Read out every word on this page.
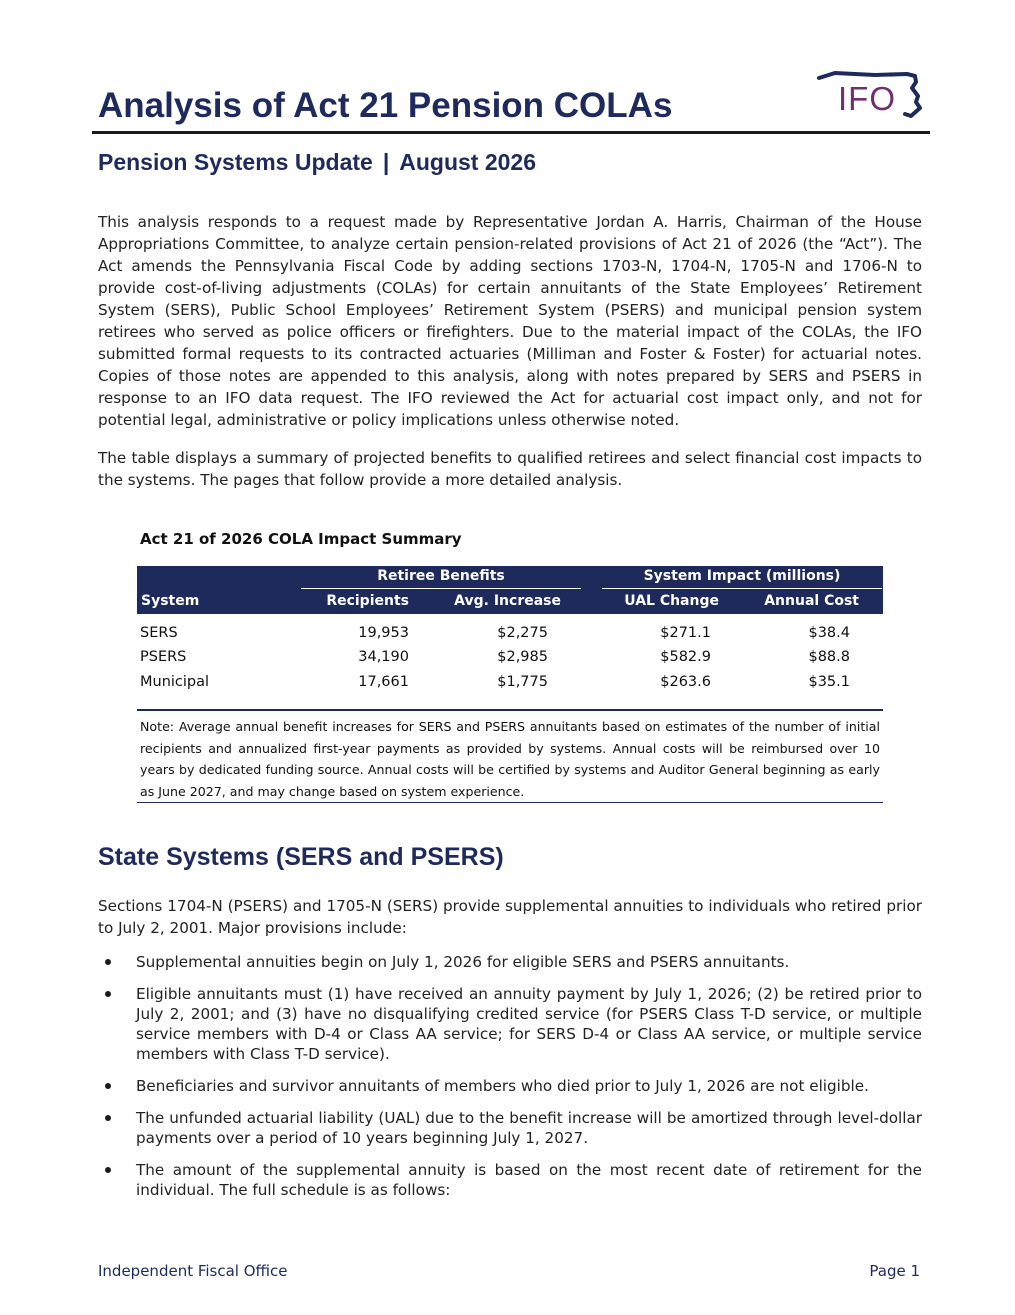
Analysis of Act 21 Pension COLAs	IFO
Pension Systems Update | August 2026

This analysis responds to a request made by Representative Jordan A. Harris, Chairman of the House Appropriations Committee, to analyze certain pension-related provisions of Act 21 of 2026 (the “Act”). The Act amends the Pennsylvania Fiscal Code by adding sections 1703-N, 1704-N, 1705-N and 1706-N to provide cost-of-living adjustments (COLAs) for certain annuitants of the State Employees’ Retirement System (SERS), Public School Employees’ Retirement System (PSERS) and municipal pension system retirees who served as police officers or firefighters. Due to the material impact of the COLAs, the IFO submitted formal requests to its contracted actuaries (Milliman and Foster & Foster) for actuarial notes. Copies of those notes are appended to this analysis, along with notes prepared by SERS and PSERS in response to an IFO data request. The IFO reviewed the Act for actuarial cost impact only, and not for potential legal, administrative or policy implications unless otherwise noted.

The table displays a summary of projected benefits to qualified retirees and select financial cost impacts to the systems. The pages that follow provide a more detailed analysis.

Act 21 of 2026 COLA Impact Summary
Retiree Benefits	System Impact (millions)
System	Recipients	Avg. Increase	UAL Change	Annual Cost
SERS	19,953	$2,275	$271.1	$38.4
PSERS	34,190	$2,985	$582.9	$88.8
Municipal	17,661	$1,775	$263.6	$35.1
Note: Average annual benefit increases for SERS and PSERS annuitants based on estimates of the number of initial recipients and annualized first-year payments as provided by systems. Annual costs will be reimbursed over 10 years by dedicated funding source. Annual costs will be certified by systems and Auditor General beginning as early as June 2027, and may change based on system experience.
State Systems (SERS and PSERS)

Sections 1704-N (PSERS) and 1705-N (SERS) provide supplemental annuities to individuals who retired prior to July 2, 2001. Major provisions include:

Supplemental annuities begin on July 1, 2026 for eligible SERS and PSERS annuitants.
Eligible annuitants must (1) have received an annuity payment by July 1, 2026; (2) be retired prior to July 2, 2001; and (3) have no disqualifying credited service (for PSERS Class T-D service, or multiple service members with D-4 or Class AA service; for SERS D-4 or Class AA service, or multiple service members with Class T-D service).
Beneficiaries and survivor annuitants of members who died prior to July 1, 2026 are not eligible.
The unfunded actuarial liability (UAL) due to the benefit increase will be amortized through level-dollar payments over a period of 10 years beginning July 1, 2027.
The amount of the supplemental annuity is based on the most recent date of retirement for the individual. The full schedule is as follows:
Independent Fiscal Office	Page 1
